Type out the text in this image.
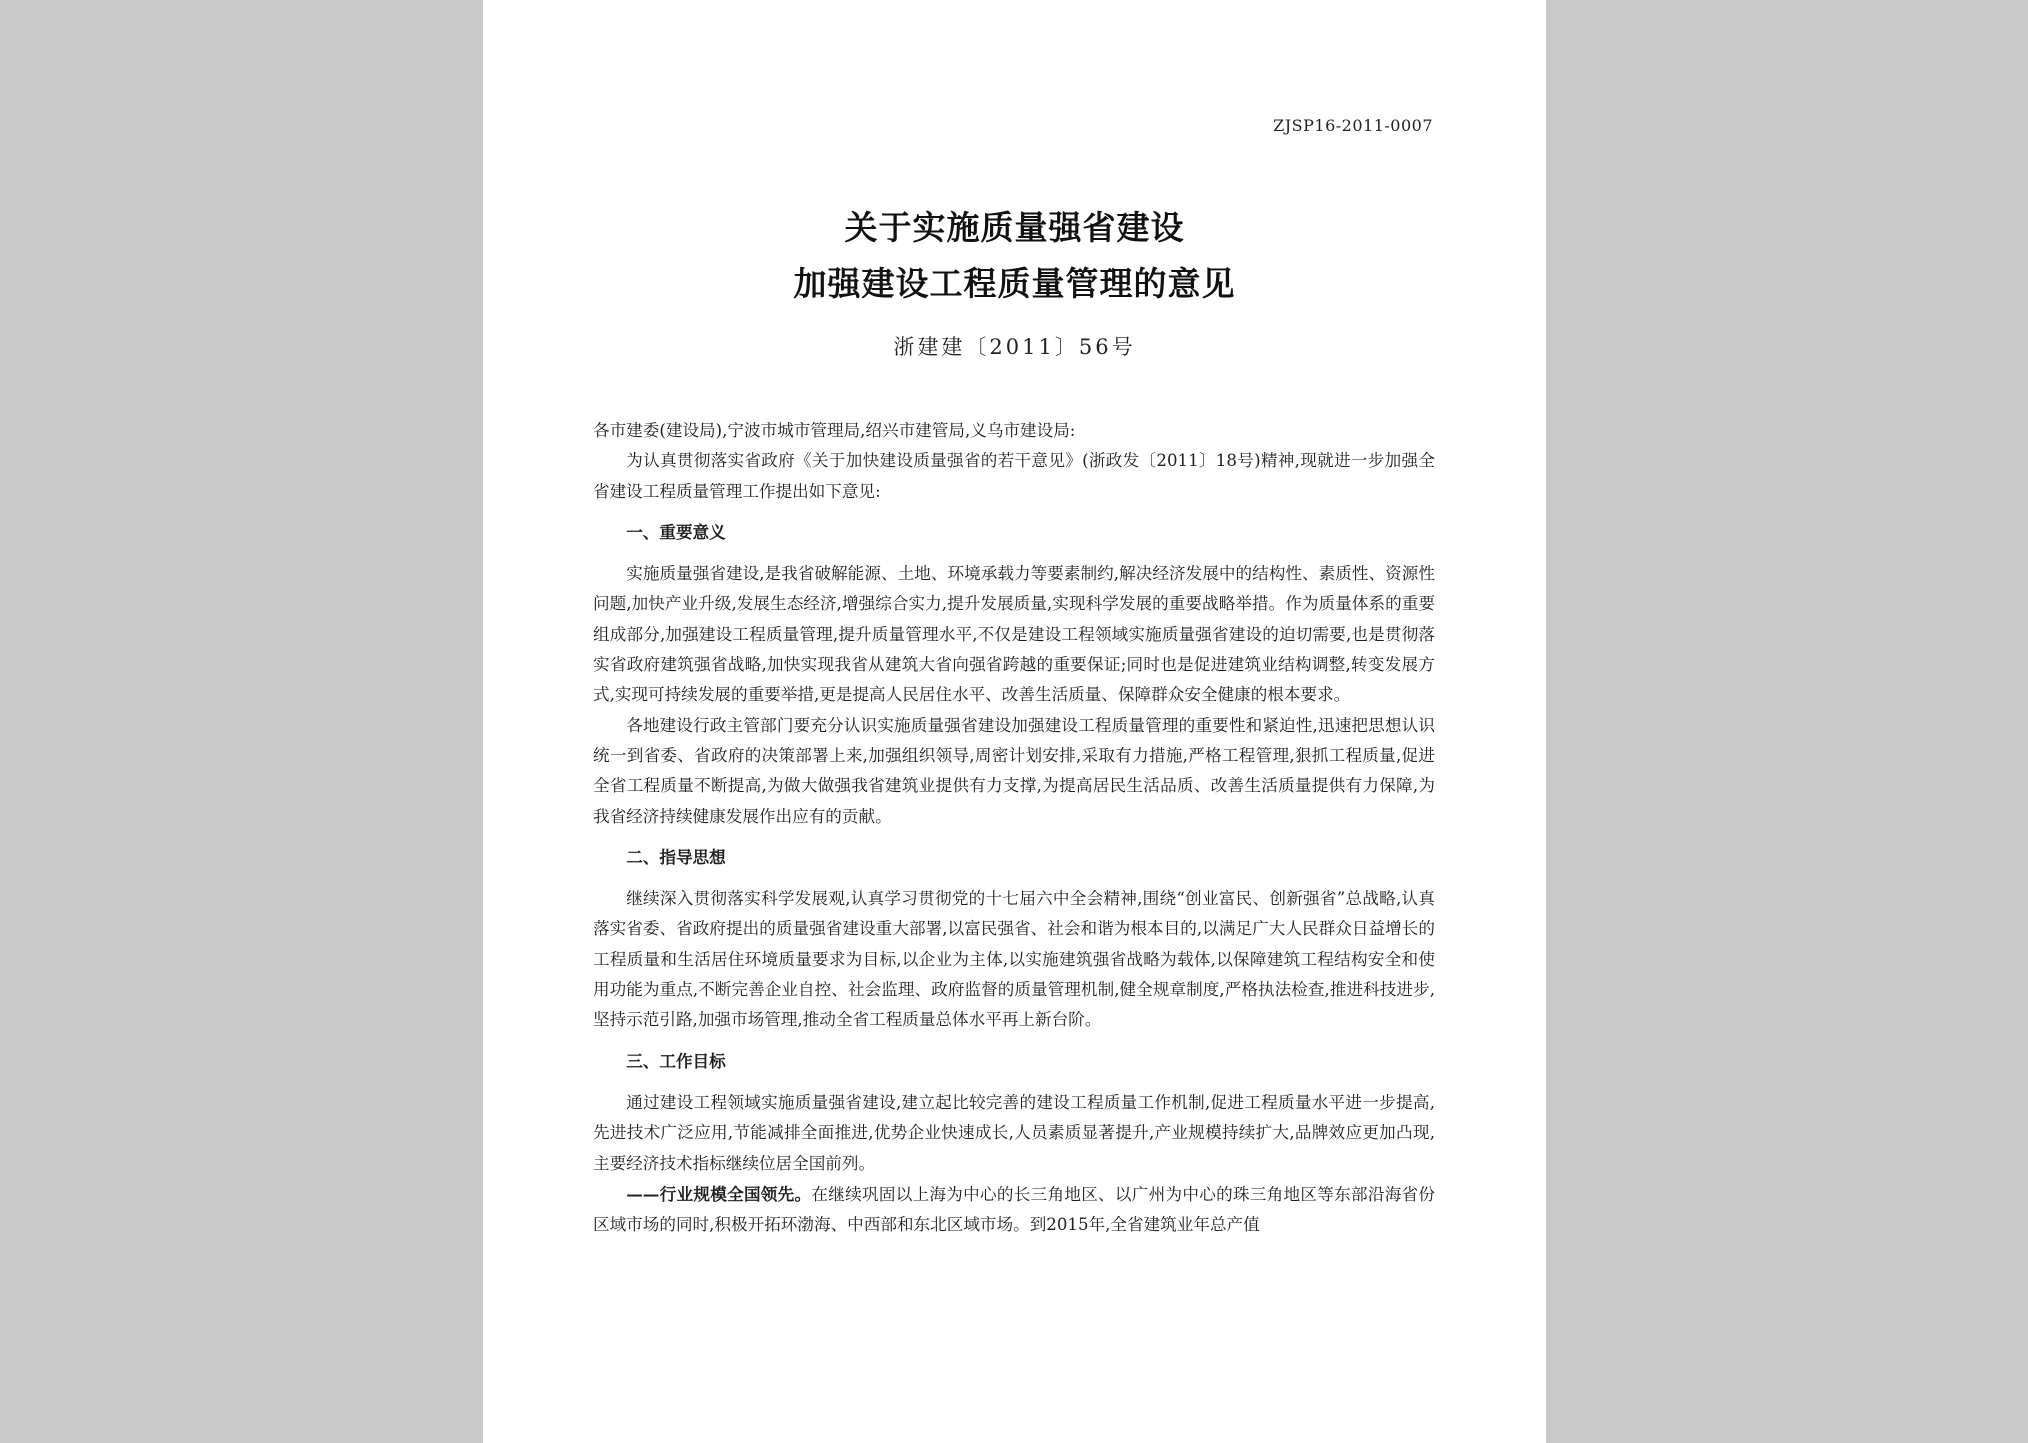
ZJSP16-2011-0007
关于实施质量强省建设
加强建设工程质量管理的意见
浙建建〔2011〕56号

各市建委(建设局),宁波市城市管理局,绍兴市建管局,义乌市建设局:

为认真贯彻落实省政府《关于加快建设质量强省的若干意见》(浙政发〔2011〕18号)精神,现就进一步加强全省建设工程质量管理工作提出如下意见:

一、重要意义

实施质量强省建设,是我省破解能源、土地、环境承载力等要素制约,解决经济发展中的结构性、素质性、资源性问题,加快产业升级,发展生态经济,增强综合实力,提升发展质量,实现科学发展的重要战略举措。作为质量体系的重要组成部分,加强建设工程质量管理,提升质量管理水平,不仅是建设工程领域实施质量强省建设的迫切需要,也是贯彻落实省政府建筑强省战略,加快实现我省从建筑大省向强省跨越的重要保证;同时也是促进建筑业结构调整,转变发展方式,实现可持续发展的重要举措,更是提高人民居住水平、改善生活质量、保障群众安全健康的根本要求。

各地建设行政主管部门要充分认识实施质量强省建设加强建设工程质量管理的重要性和紧迫性,迅速把思想认识统一到省委、省政府的决策部署上来,加强组织领导,周密计划安排,采取有力措施,严格工程管理,狠抓工程质量,促进全省工程质量不断提高,为做大做强我省建筑业提供有力支撑,为提高居民生活品质、改善生活质量提供有力保障,为我省经济持续健康发展作出应有的贡献。

二、指导思想

继续深入贯彻落实科学发展观,认真学习贯彻党的十七届六中全会精神,围绕“创业富民、创新强省”总战略,认真落实省委、省政府提出的质量强省建设重大部署,以富民强省、社会和谐为根本目的,以满足广大人民群众日益增长的工程质量和生活居住环境质量要求为目标,以企业为主体,以实施建筑强省战略为载体,以保障建筑工程结构安全和使用功能为重点,不断完善企业自控、社会监理、政府监督的质量管理机制,健全规章制度,严格执法检查,推进科技进步,坚持示范引路,加强市场管理,推动全省工程质量总体水平再上新台阶。

三、工作目标

通过建设工程领域实施质量强省建设,建立起比较完善的建设工程质量工作机制,促进工程质量水平进一步提高,先进技术广泛应用,节能减排全面推进,优势企业快速成长,人员素质显著提升,产业规模持续扩大,品牌效应更加凸现,主要经济技术指标继续位居全国前列。

——行业规模全国领先。在继续巩固以上海为中心的长三角地区、以广州为中心的珠三角地区等东部沿海省份区域市场的同时,积极开拓环渤海、中西部和东北区域市场。到2015年,全省建筑业年总产值
